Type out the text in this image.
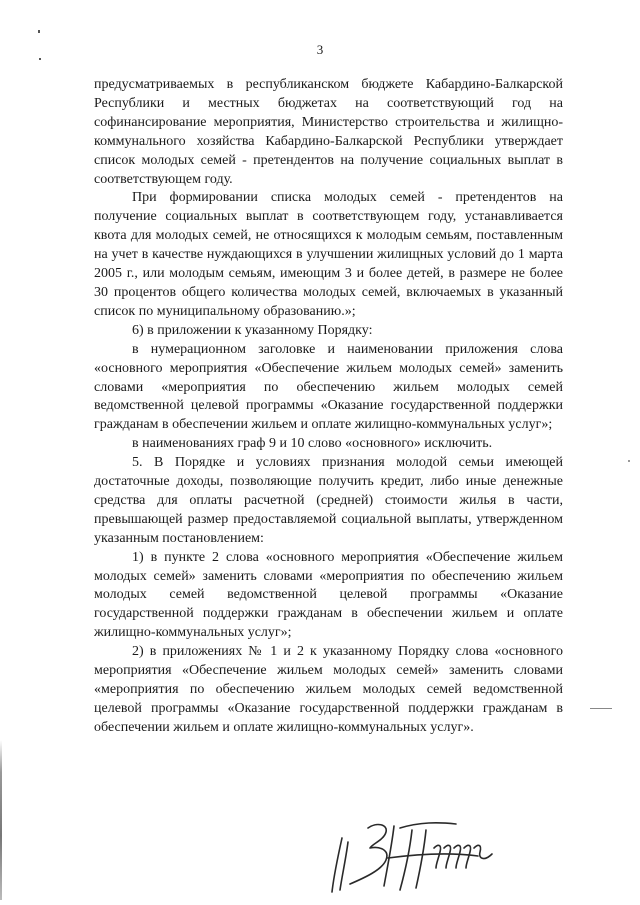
3

предусматриваемых в республиканском бюджете Кабардино-Балкарской Республики и местных бюджетах на соответствующий год на софинансирование мероприятия, Министерство строительства и жилищно-коммунального хозяйства Кабардино-Балкарской Республики утверждает список молодых семей - претендентов на получение социальных выплат в соответствующем году.

При формировании списка молодых семей - претендентов на получение социальных выплат в соответствующем году, устанавливается квота для молодых семей, не относящихся к молодым семьям, поставленным на учет в качестве нуждающихся в улучшении жилищных условий до 1 марта 2005 г., или молодым семьям, имеющим 3 и более детей, в размере не более 30 процентов общего количества молодых семей, включаемых в указанный список по муниципальному образованию.»;

6) в приложении к указанному Порядку:

в нумерационном заголовке и наименовании приложения слова «основного мероприятия «Обеспечение жильем молодых семей» заменить словами «мероприятия по обеспечению жильем молодых семей ведомственной целевой программы «Оказание государственной поддержки гражданам в обеспечении жильем и оплате жилищно-коммунальных услуг»;

в наименованиях граф 9 и 10 слово «основного» исключить.

5. В Порядке и условиях признания молодой семьи имеющей достаточные доходы, позволяющие получить кредит, либо иные денежные средства для оплаты расчетной (средней) стоимости жилья в части, превышающей размер предоставляемой социальной выплаты, утвержденном указанным постановлением:

1) в пункте 2 слова «основного мероприятия «Обеспечение жильем молодых семей» заменить словами «мероприятия по обеспечению жильем молодых семей ведомственной целевой программы «Оказание государственной поддержки гражданам в обеспечении жильем и оплате жилищно-коммунальных услуг»;

2) в приложениях № 1 и 2 к указанному Порядку слова «основного мероприятия «Обеспечение жильем молодых семей» заменить словами «мероприятия по обеспечению жильем молодых семей ведомственной целевой программы «Оказание государственной поддержки гражданам в обеспечении жильем и оплате жилищно-коммунальных услуг».
